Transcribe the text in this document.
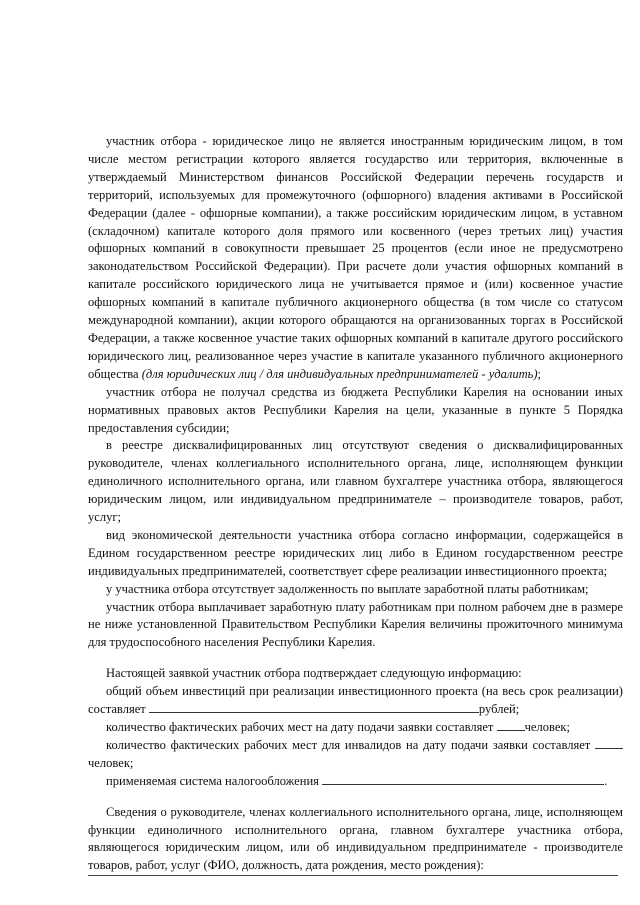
участник отбора - юридическое лицо не является иностранным юридическим лицом, в том числе местом регистрации которого является государство или территория, включенные в утверждаемый Министерством финансов Российской Федерации перечень государств и территорий, используемых для промежуточного (офшорного) владения активами в Российской Федерации (далее - офшорные компании), а также российским юридическим лицом, в уставном (складочном) капитале которого доля прямого или косвенного (через третьих лиц) участия офшорных компаний в совокупности превышает 25 процентов (если иное не предусмотрено законодательством Российской Федерации). При расчете доли участия офшорных компаний в капитале российского юридического лица не учитывается прямое и (или) косвенное участие офшорных компаний в капитале публичного акционерного общества (в том числе со статусом международной компании), акции которого обращаются на организованных торгах в Российской Федерации, а также косвенное участие таких офшорных компаний в капитале другого российского юридического лиц, реализованное через участие в капитале указанного публичного акционерного общества (для юридических лиц / для индивидуальных предпринимателей - удалить);

участник отбора не получал средства из бюджета Республики Карелия на основании иных нормативных правовых актов Республики Карелия на цели, указанные в пункте 5 Порядка предоставления субсидии;

в реестре дисквалифицированных лиц отсутствуют сведения о дисквалифицированных руководителе, членах коллегиального исполнительного органа, лице, исполняющем функции единоличного исполнительного органа, или главном бухгалтере участника отбора, являющегося юридическим лицом, или индивидуальном предпринимателе – производителе товаров, работ, услуг;

вид экономической деятельности участника отбора согласно информации, содержащейся в Едином государственном реестре юридических лиц либо в Едином государственном реестре индивидуальных предпринимателей, соответствует сфере реализации инвестиционного проекта;

у участника отбора отсутствует задолженность по выплате заработной платы работникам;

участник отбора выплачивает заработную плату работникам при полном рабочем дне в размере не ниже установленной Правительством Республики Карелия величины прожиточного минимума для трудоспособного населения Республики Карелия.

Настоящей заявкой участник отбора подтверждает следующую информацию:

общий объем инвестиций при реализации инвестиционного проекта (на весь срок реализации) составляет	рублей;

количество фактических рабочих мест на дату подачи заявки составляет человек;

количество фактических рабочих мест для инвалидов на дату подачи заявки составляет человек;

применяемая система налогообложения	.

Сведения о руководителе, членах коллегиального исполнительного органа, лице, исполняющем функции единоличного исполнительного органа, главном бухгалтере участника отбора, являющегося юридическим лицом, или об индивидуальном предпринимателе - производителе товаров, работ, услуг (ФИО, должность, дата рождения, место рождения):
